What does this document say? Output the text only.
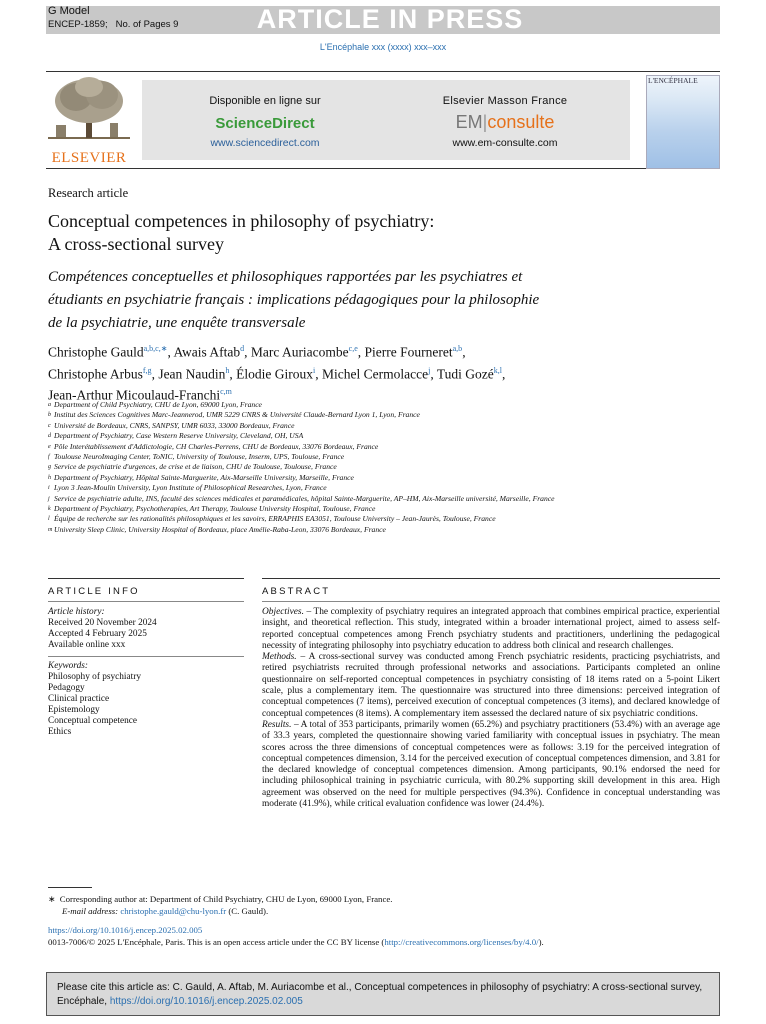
G Model
ENCEP-1859; No. of Pages 9	ARTICLE IN PRESS
L'Encéphale xxx (xxxx) xxx–xxx
ELSEVIER
Disponible en ligne sur
ScienceDirect
www.sciencedirect.com
Elsevier Masson France
EM|consulte
www.em-consulte.com
L'ENCÉPHALE
Research article
Conceptual competences in philosophy of psychiatry:
A cross-sectional survey
Compétences conceptuelles et philosophiques rapportées par les psychiatres et
étudiants en psychiatrie français : implications pédagogiques pour la philosophie
de la psychiatrie, une enquête transversale
Christophe Gauld$^{a,b,c,∗}$, Awais Aftab$^d$, Marc Auriacombe$^{c,e}$, Pierre Fourneret$^{a,b}$,
Christophe Arbus$^{f,g}$, Jean Naudin$^h$, Élodie Giroux$^i$, Michel Cermolacce$^j$, Tudi Gozé$^{k,l}$,
Jean-Arthur Micoulaud-Franchi$^{c,m}$
a Department of Child Psychiatry, CHU de Lyon, 69000 Lyon, France
b Institut des Sciences Cognitives Marc-Jeannerod, UMR 5229 CNRS & Université Claude-Bernard Lyon 1, Lyon, France
c Université de Bordeaux, CNRS, SANPSY, UMR 6033, 33000 Bordeaux, France
d Department of Psychiatry, Case Western Reserve University, Cleveland, OH, USA
e Pôle Interétablissement d'Addictologie, CH Charles-Perrens, CHU de Bordeaux, 33076 Bordeaux, France
f Toulouse NeuroImaging Center, ToNIC, University of Toulouse, Inserm, UPS, Toulouse, France
g Service de psychiatrie d'urgences, de crise et de liaison, CHU de Toulouse, Toulouse, France
h Department of Psychiatry, Hôpital Sainte-Marguerite, Aix-Marseille University, Marseille, France
i Lyon 3 Jean-Moulin University, Lyon Institute of Philosophical Researches, Lyon, France
j Service de psychiatrie adulte, INS, faculté des sciences médicales et paramédicales, hôpital Sainte-Marguerite, AP–HM, Aix-Marseille université, Marseille, France
k Department of Psychiatry, Psychotherapies, Art Therapy, Toulouse University Hospital, Toulouse, France
l Équipe de recherche sur les rationalités philosophiques et les savoirs, ERRAPHIS EA3051, Toulouse University – Jean-Jaurès, Toulouse, France
m University Sleep Clinic, University Hospital of Bordeaux, place Amélie-Raba-Leon, 33076 Bordeaux, France
ARTICLE INFO	ABSTRACT
Article history:
Received 20 November 2024
Accepted 4 February 2025
Available online xxx
Keywords:
Philosophy of psychiatry
Pedagogy
Clinical practice
Epistemology
Conceptual competence
Ethics
Objectives. – The complexity of psychiatry requires an integrated approach that combines empirical practice, experiential insight, and theoretical reflection. This study, integrated within a broader international project, aimed to assess self-reported conceptual competences among French psychiatry students and practitioners, underlining the pedagogical necessity of integrating philosophy into psychiatry education to address both clinical and research challenges.
Methods. – A cross-sectional survey was conducted among French psychiatric residents, practicing psychiatrists, and retired psychiatrists recruited through professional networks and associations. Participants completed an online questionnaire on self-reported conceptual competences in psychiatry consisting of 18 items rated on a 5-point Likert scale, plus a complementary item. The questionnaire was structured into three dimensions: perceived integration of conceptual competences (7 items), perceived execution of conceptual competences (3 items), and declared knowledge of conceptual competences (8 items). A complementary item assessed the declared nature of six psychiatric conditions.
Results. – A total of 353 participants, primarily women (65.2%) and psychiatry practitioners (53.4%) with an average age of 33.3 years, completed the questionnaire showing varied familiarity with conceptual issues in psychiatry. The mean scores across the three dimensions of conceptual competences were as follows: 3.19 for the perceived integration of conceptual competences dimension, 3.14 for the perceived execution of conceptual competences dimension, and 3.81 for the declared knowledge of conceptual competences dimension. Among participants, 90.1% endorsed the need for including philosophical training in psychiatric curricula, with 80.2% supporting skill development in this area. High agreement was observed on the need for multiple perspectives (94.3%). Confidence in conceptual understanding was moderate (41.9%), while critical evaluation confidence was lower (24.4%).
∗ Corresponding author at: Department of Child Psychiatry, CHU de Lyon, 69000 Lyon, France.
E-mail address: christophe.gauld@chu-lyon.fr (C. Gauld).
https://doi.org/10.1016/j.encep.2025.02.005
0013-7006/© 2025 L'Encéphale, Paris. This is an open access article under the CC BY license (http://creativecommons.org/licenses/by/4.0/).
Please cite this article as: C. Gauld, A. Aftab, M. Auriacombe et al., Conceptual competences in philosophy of psychiatry: A cross-sectional survey, Encéphale, https://doi.org/10.1016/j.encep.2025.02.005
